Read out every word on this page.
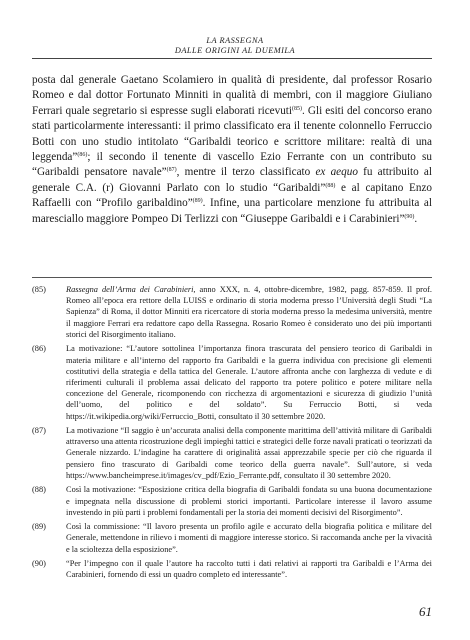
LA RASSEGNA
DALLE ORIGINI AL DUEMILA

posta dal generale Gaetano Scolamiero in qualità di presidente, dal professor Rosario Romeo e dal dottor Fortunato Minniti in qualità di membri, con il maggiore Giuliano Ferrari quale segretario si espresse sugli elaborati ricevuti$^{(85)}$. Gli esiti del concorso erano stati particolarmente interessanti: il primo classificato era il tenente colonnello Ferruccio Botti con uno studio intitolato “Garibaldi teorico e scrittore militare: realtà di una leggenda”$^{(86)}$; il secondo il tenente di vascello Ezio Ferrante con un contributo su “Garibaldi pensatore navale”$^{(87)}$, mentre il terzo classificato ex aequo fu attribuito al generale C.A. (r) Giovanni Parlato con lo studio “Garibaldi”$^{(88)}$ e al capitano Enzo Raffaelli con “Profilo garibaldino”$^{(89)}$. Infine, una particolare menzione fu attribuita al maresciallo maggiore Pompeo Di Terlizzi con “Giuseppe Garibaldi e i Carabinieri”$^{(90)}$.

(85)	Rassegna dell’Arma dei Carabinieri, anno XXX, n. 4, ottobre-dicembre, 1982, pagg. 857-859. Il prof. Romeo all’epoca era rettore della LUISS e ordinario di storia moderna presso l’Università degli Studi “La Sapienza” di Roma, il dottor Minniti era ricercatore di storia moderna presso la medesima università, mentre il maggiore Ferrari era redattore capo della Rassegna. Rosario Romeo è considerato uno dei più importanti storici del Risorgimento italiano.
(86)	La motivazione: “L’autore sottolinea l’importanza finora trascurata del pensiero teorico di Garibaldi in materia militare e all’interno del rapporto fra Garibaldi e la guerra individua con precisione gli elementi costitutivi della strategia e della tattica del Generale. L’autore affronta anche con larghezza di vedute e di riferimenti culturali il problema assai delicato del rapporto tra potere politico e potere militare nella concezione del Generale, ricomponendo con ricchezza di argomentazioni e sicurezza di giudizio l’unità dell’uomo, del politico e del soldato”. Su Ferruccio Botti, si veda https://it.wikipedia.org/wiki/Ferruccio_Botti, consultato il 30 settembre 2020.
(87)	La motivazione “Il saggio è un’accurata analisi della componente marittima dell’attività militare di Garibaldi attraverso una attenta ricostruzione degli impieghi tattici e strategici delle forze navali praticati o teorizzati da Generale nizzardo. L’indagine ha carattere di originalità assai apprezzabile specie per ciò che riguarda il pensiero fino trascurato di Garibaldi come teorico della guerra navale”. Sull’autore, si veda https://www.bancheimprese.it/images/cv_pdf/Ezio_Ferrante.pdf, consultato il 30 settembre 2020.
(88)	Così la motivazione: “Esposizione critica della biografia di Garibaldi fondata su una buona documentazione e impegnata nella discussione di problemi storici importanti. Particolare interesse il lavoro assume investendo in più parti i problemi fondamentali per la storia dei momenti decisivi del Risorgimento”.
(89)	Così la commissione: “Il lavoro presenta un profilo agile e accurato della biografia politica e militare del Generale, mettendone in rilievo i momenti di maggiore interesse storico. Si raccomanda anche per la vivacità e la scioltezza della esposizione”.
(90)	“Per l’impegno con il quale l’autore ha raccolto tutti i dati relativi ai rapporti tra Garibaldi e l’Arma dei Carabinieri, fornendo di essi un quadro completo ed interessante”.
61
